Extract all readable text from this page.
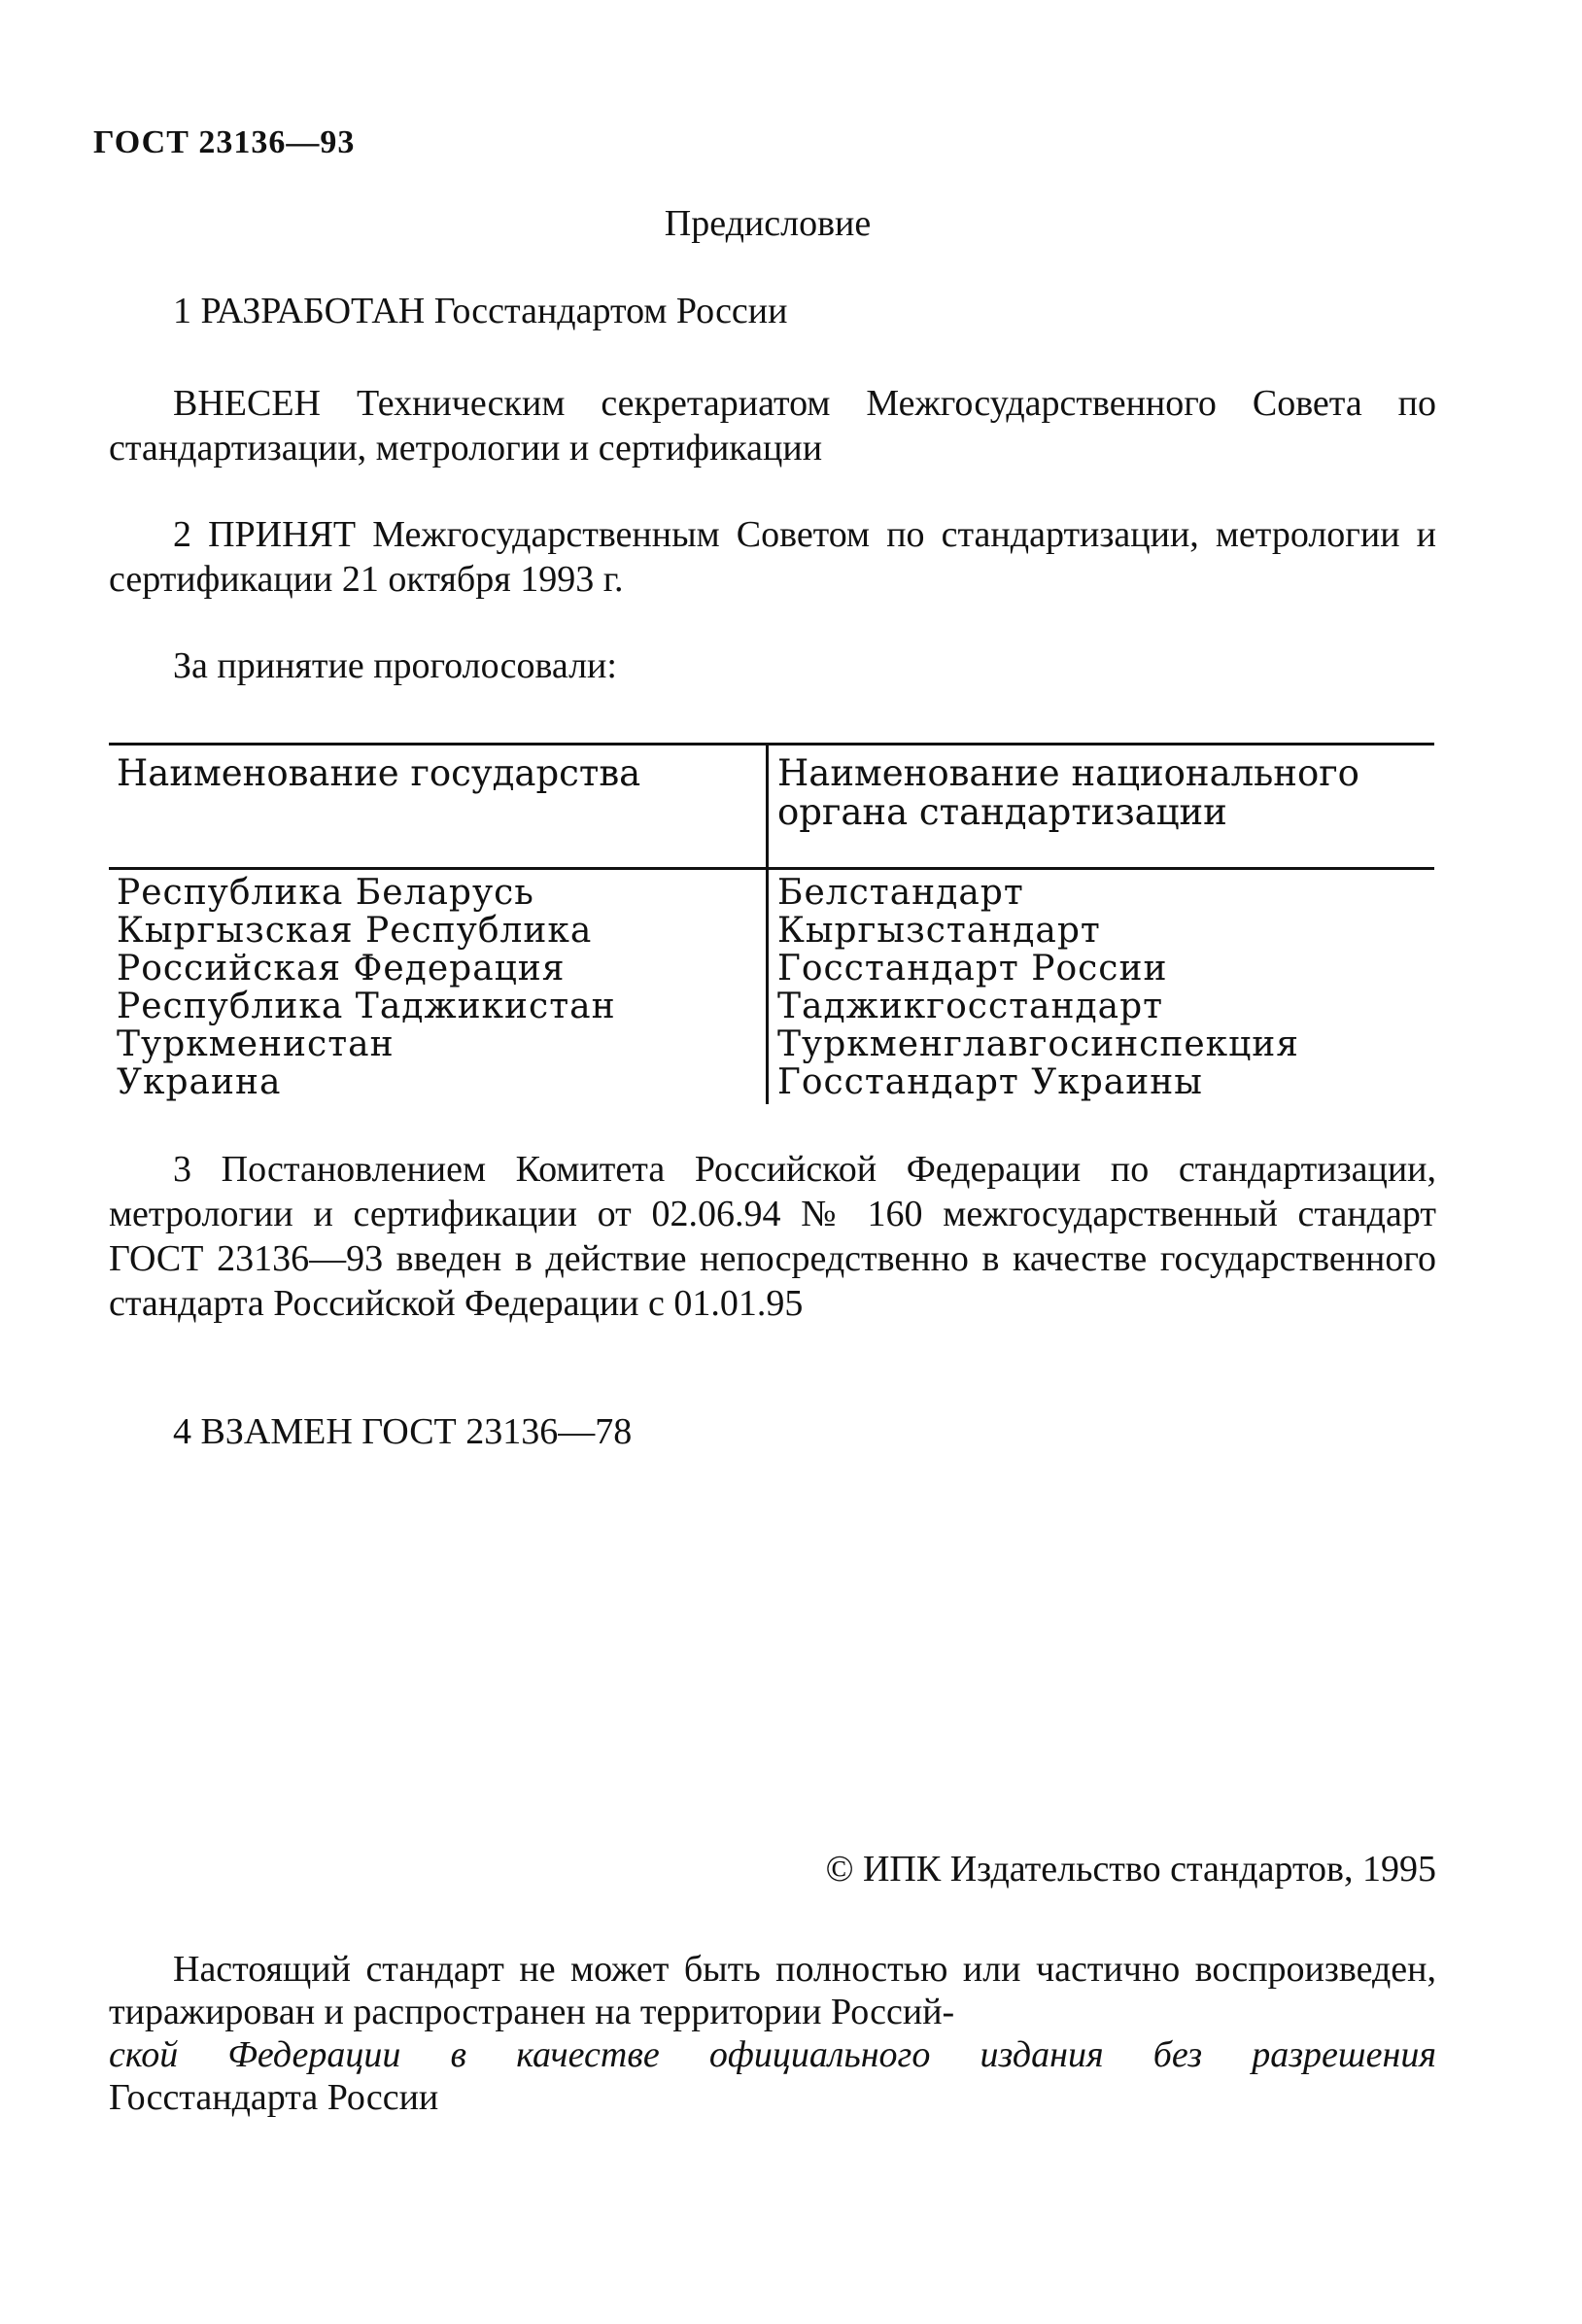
ГОСТ 23136—93
Предисловие
1 РАЗРАБОТАН Госстандартом России
ВНЕСЕН Техническим секретариатом Межгосударственного Совета по стандартизации, метрологии и сертификации
2 ПРИНЯТ Межгосударственным Советом по стандартизации, метрологии и сертификации 21 октября 1993 г.
За принятие проголосовали:
Наименование государства	Наименование национального
органа стандартизации
Республика Беларусь	Белстандарт
Кыргызская Республика	Кыргызстандарт
Российская Федерация	Госстандарт России
Республика Таджикистан	Таджикгосстандарт
Туркменистан	Туркменглавгосинспекция
Украина	Госстандарт Украины
3 Постановлением Комитета Российской Федерации по стандартизации, метрологии и сертификации от 02.06.94 № 160 межгосударственный стандарт ГОСТ 23136—93 введен в действие непосредственно в качестве государственного стандарта Российской Федерации с 01.01.95
4 ВЗАМЕН ГОСТ 23136—78
© ИПК Издательство стандартов, 1995
Настоящий стандарт не может быть полностью или частично воспроизведен, тиражирован и распространен на территории Россий-
ской Федерации в качестве официального издания без разрешения
Госстандарта России
